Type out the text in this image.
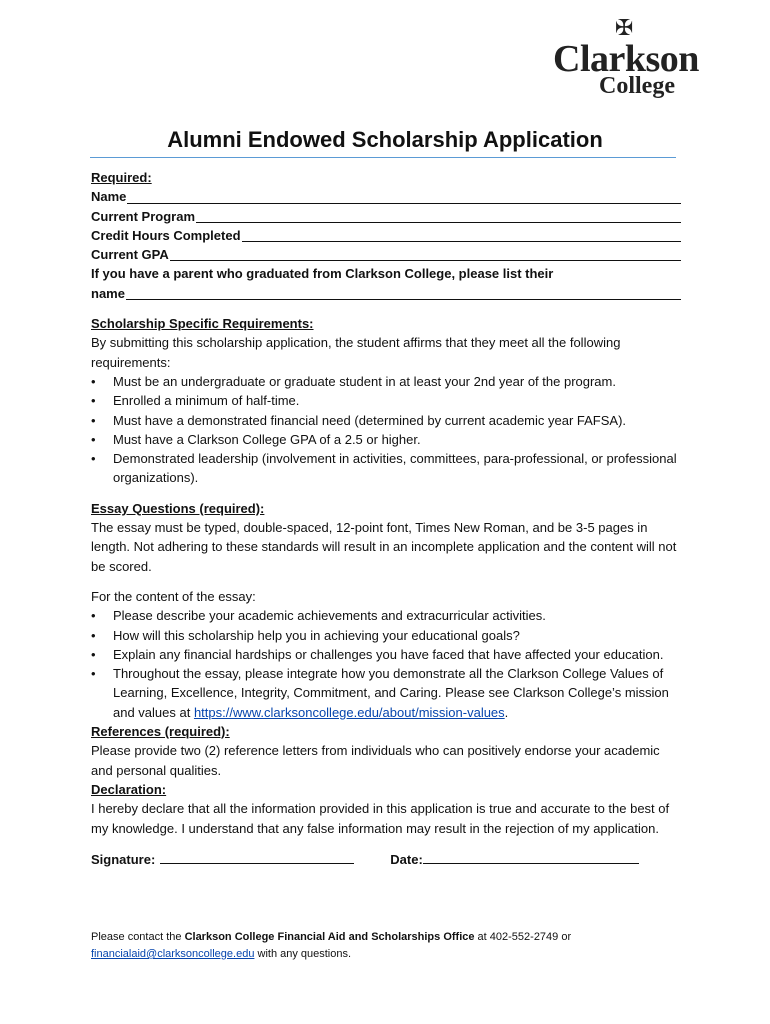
✠
Clarkson
College
Alumni Endowed Scholarship Application
Required:
Name
Current Program
Credit Hours Completed
Current GPA
If you have a parent who graduated from Clarkson College, please list their
name
Scholarship Specific Requirements:
By submitting this scholarship application, the student affirms that they meet all the following requirements:
• Must be an undergraduate or graduate student in at least your 2nd year of the program.
• Enrolled a minimum of half-time.
• Must have a demonstrated financial need (determined by current academic year FAFSA).
• Must have a Clarkson College GPA of a 2.5 or higher.
• Demonstrated leadership (involvement in activities, committees, para-professional, or professional organizations).
Essay Questions (required):
The essay must be typed, double-spaced, 12-point font, Times New Roman, and be 3-5 pages in length. Not adhering to these standards will result in an incomplete application and the content will not be scored.
For the content of the essay:
• Please describe your academic achievements and extracurricular activities.
• How will this scholarship help you in achieving your educational goals?
• Explain any financial hardships or challenges you have faced that have affected your education.
• Throughout the essay, please integrate how you demonstrate all the Clarkson College Values of Learning, Excellence, Integrity, Commitment, and Caring. Please see Clarkson College’s mission and values at https://www.clarksoncollege.edu/about/mission-values.
References (required):
Please provide two (2) reference letters from individuals who can positively endorse your academic and personal qualities.
Declaration:
I hereby declare that all the information provided in this application is true and accurate to the best of my knowledge. I understand that any false information may result in the rejection of my application.
Signature:	Date:
Please contact the Clarkson College Financial Aid and Scholarships Office at 402-552-2749 or
financialaid@clarksoncollege.edu with any questions.
